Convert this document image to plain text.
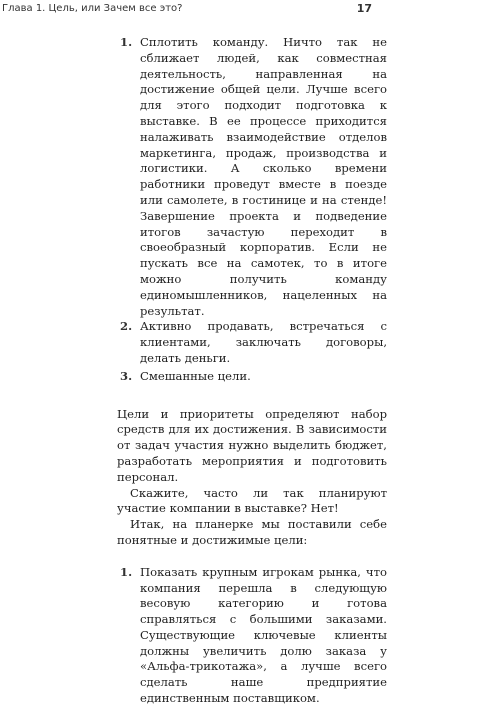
Глава 1. Цель, или Зачем все это?	17
1. Сплотить команду. Ничто так не сближает людей, как совместная деятельность, направленная на достижение общей цели. Лучше всего для этого подходит подготовка к выставке. В ее процессе приходится налаживать взаимодействие отделов маркетинга, продаж, производства и логистики. А сколько времени работники проведут вместе в поезде или самолете, в гостинице и на стенде! Завершение проекта и подведение итогов зачастую переходит в своеобразный корпоратив. Если не пускать все на самотек, то в итоге можно получить команду единомышленников, нацеленных на результат.
2. Активно продавать, встречаться с клиентами, заключать договоры, делать деньги.
3. Смешанные цели.

Цели и приоритеты определяют набор средств для их достижения. В зависимости от задач участия нужно выделить бюджет, разработать мероприятия и подготовить персонал.

Скажите, часто ли так планируют участие компании в выставке? Нет!

Итак, на планерке мы поставили себе понятные и достижимые цели:

1. Показать крупным игрокам рынка, что компания перешла в следующую весовую категорию и готова справляться с большими заказами. Существующие ключевые клиенты должны увеличить долю заказа у «Альфа-трикотажа», а лучше всего сделать наше предприятие единственным поставщиком.
